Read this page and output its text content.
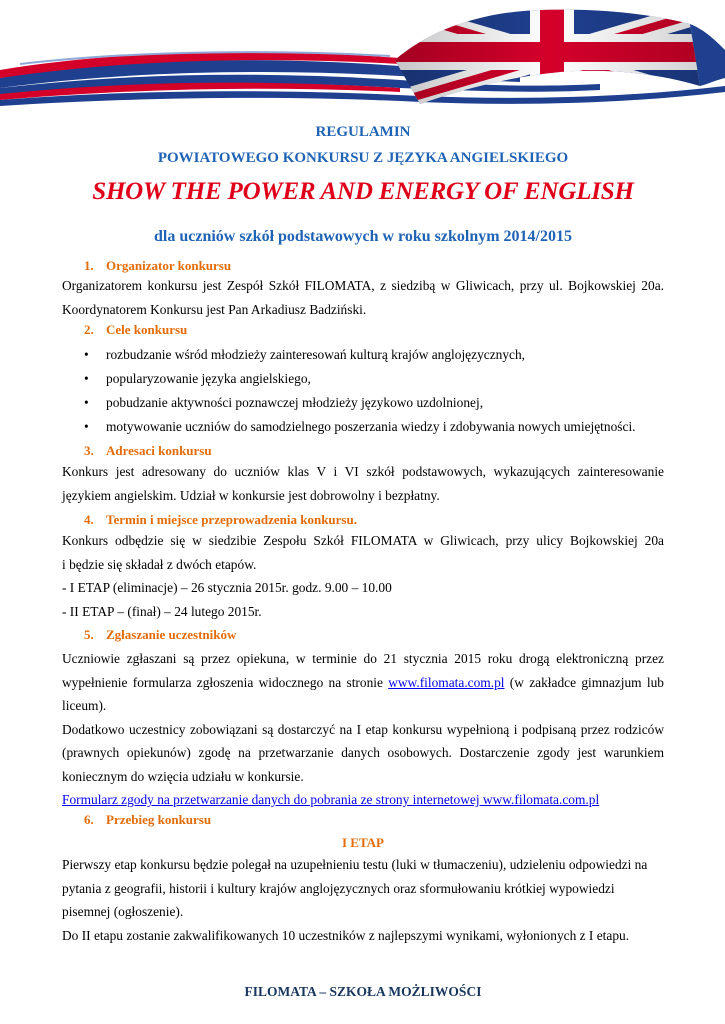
REGULAMIN
POWIATOWEGO KONKURSU Z JĘZYKA ANGIELSKIEGO
SHOW THE POWER AND ENERGY OF ENGLISH
dla uczniów szkół podstawowych w roku szkolnym 2014/2015
1. Organizator konkursu
Organizatorem konkursu jest Zespół Szkół FILOMATA, z siedzibą w Gliwicach, przy ul. Bojkowskiej 20a.
Koordynatorem Konkursu jest Pan Arkadiusz Badziński.
2. Cele konkursu
• rozbudzanie wśród młodzieży zainteresowań kulturą krajów anglojęzycznych,
• popularyzowanie języka angielskiego,
• pobudzanie aktywności poznawczej młodzieży językowo uzdolnionej,
• motywowanie uczniów do samodzielnego poszerzania wiedzy i zdobywania nowych umiejętności.
3. Adresaci konkursu
Konkurs jest adresowany do uczniów klas V i VI szkół podstawowych, wykazujących zainteresowanie
językiem angielskim. Udział w konkursie jest dobrowolny i bezpłatny.
4. Termin i miejsce przeprowadzenia konkursu.
Konkurs odbędzie się w siedzibie Zespołu Szkół FILOMATA w Gliwicach, przy ulicy Bojkowskiej 20a
i będzie się składał z dwóch etapów.
- I ETAP (eliminacje) – 26 stycznia 2015r. godz. 9.00 – 10.00
- II ETAP – (finał) – 24 lutego 2015r.
5. Zgłaszanie uczestników
Uczniowie zgłaszani są przez opiekuna, w terminie do 21 stycznia 2015 roku drogą elektroniczną przez
wypełnienie formularza zgłoszenia widocznego na stronie www.filomata.com.pl (w zakładce gimnazjum lub
liceum).
Dodatkowo uczestnicy zobowiązani są dostarczyć na I etap konkursu wypełnioną i podpisaną przez rodziców
(prawnych opiekunów) zgodę na przetwarzanie danych osobowych. Dostarczenie zgody jest warunkiem
koniecznym do wzięcia udziału w konkursie.
Formularz zgody na przetwarzanie danych do pobrania ze strony internetowej www.filomata.com.pl
6. Przebieg konkursu
I ETAP
Pierwszy etap konkursu będzie polegał na uzupełnieniu testu (luki w tłumaczeniu), udzieleniu odpowiedzi na
pytania z geografii, historii i kultury krajów anglojęzycznych oraz sformułowaniu krótkiej wypowiedzi
pisemnej (ogłoszenie).
Do II etapu zostanie zakwalifikowanych 10 uczestników z najlepszymi wynikami, wyłonionych z I etapu.
FILOMATA – SZKOŁA MOŻLIWOŚCI
